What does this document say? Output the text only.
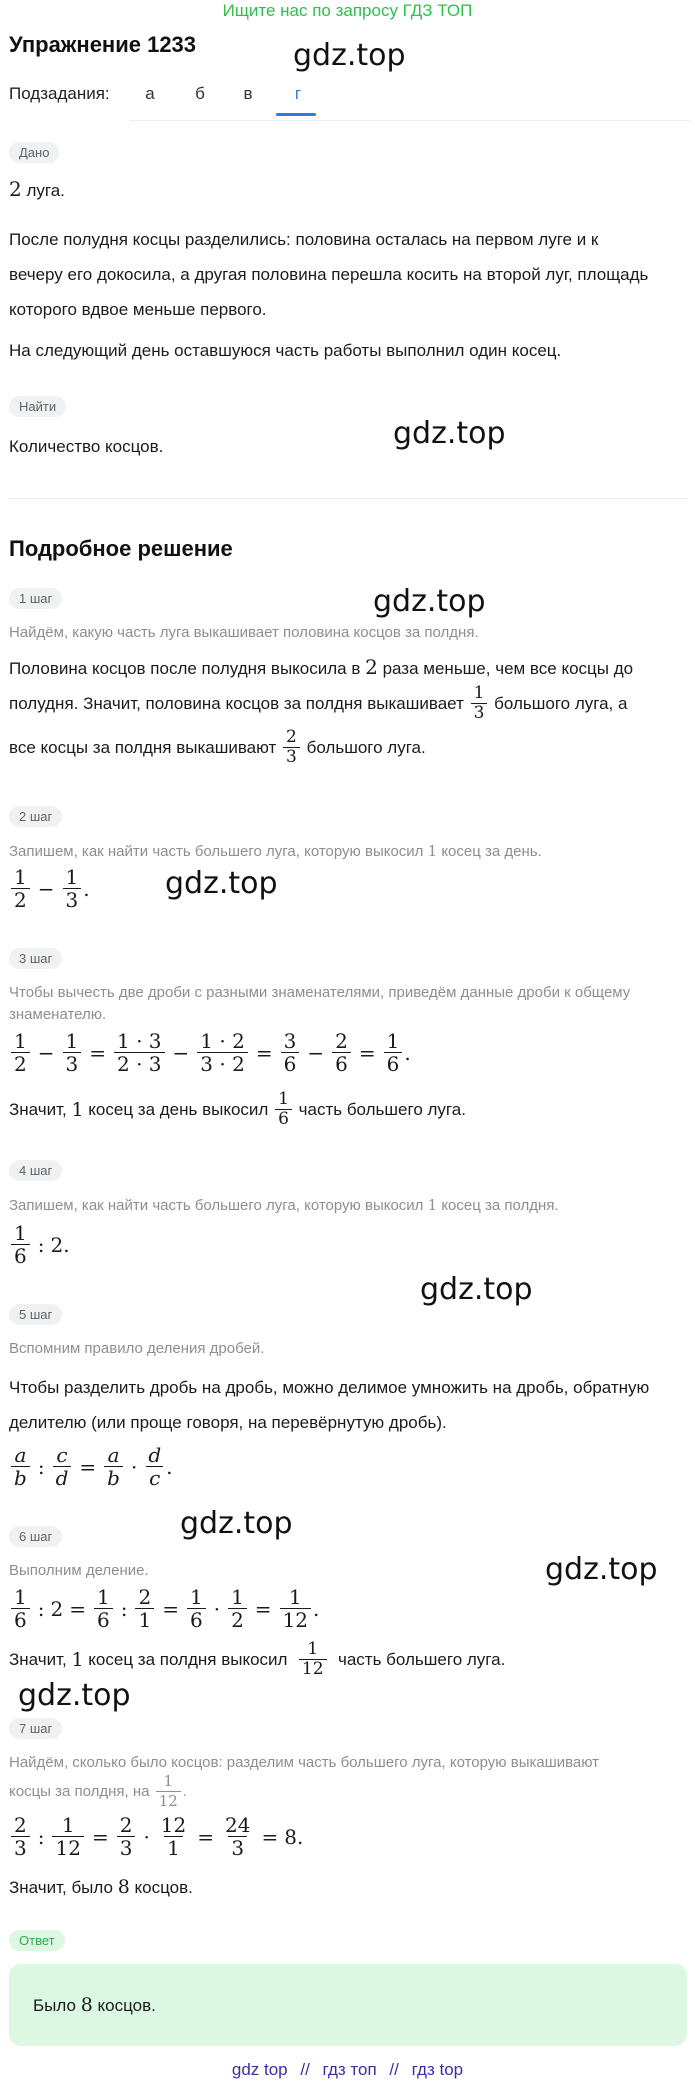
Ищите нас по запросу ГДЗ ТОП
Упражнение 1233	gdz.top
Подзадания:	а	б	в	г
Дано
2 луга.
После полудня косцы разделились: половина осталась на первом луге и к вечеру его докосила, а другая половина перешла косить на второй луг, площадь которого вдвое меньше первого.
На следующий день оставшуюся часть работы выполнил один косец.
Найти
Количество косцов.	gdz.top
Подробное решение
gdz.top
1 шаг
Найдём, какую часть луга выкашивает половина косцов за полдня.
Половина косцов после полудня выкосила в 2 раза меньше, чем все косцы до
полудня. Значит, половина косцов за полдня выкашивает
$\frac{1}{3}$
большого луга, а
все косцы за полдня выкашивают
$\frac{2}{3}$
большого луга.
2 шаг
Запишем, как найти часть большего луга, которую выкосил 1 косец за день.
$\frac{1}{2} - \frac{1}{3}$ .	gdz.top
3 шаг
Чтобы вычесть две дроби с разными знаменателями, приведём данные дроби к общему знаменателю.
$\frac{1}{2} - \frac{1}{3} = \frac{1 \cdot 3}{2 \cdot 3} - \frac{1 \cdot 2}{3 \cdot 2} = \frac{3}{6} - \frac{2}{6} = \frac{1}{6}$ .
Значит,
1
косец за день выкосил
$\frac{1}{6}$
часть большего луга.
4 шаг
Запишем, как найти часть большего луга, которую выкосил 1 косец за полдня.
$\frac{1}{6}$ : 2.
gdz.top
5 шаг
Вспомним правило деления дробей.
Чтобы разделить дробь на дробь, можно делимое умножить на дробь, обратную делителю (или проще говоря, на перевёрнутую дробь).
$\frac{a}{b}$ : $\frac{c}{d} = \frac{a}{b} \cdot \frac{d}{c}$ .
gdz.top
6 шаг
Выполним деление.	gdz.top
$\frac{1}{6}$ : $2 = \frac{1}{6}$ : $\frac{2}{1} = \frac{1}{6} \cdot \frac{1}{2} = \frac{1}{12}$ .
Значит,
1
косец за полдня выкосил
$\frac{1}{12}$
часть большего луга.
gdz.top
7 шаг
Найдём, сколько было косцов: разделим часть большего луга, которую выкашивают
косцы за полдня, на
$\frac{1}{12}$ .
$\frac{2}{3}$ : $\frac{1}{12} = \frac{2}{3} \cdot \frac{12}{1} = \frac{24}{3} = 8$.
Значит, было 8 косцов.
Ответ
Было 8 косцов.
gdz top // гдз топ // гдз top
